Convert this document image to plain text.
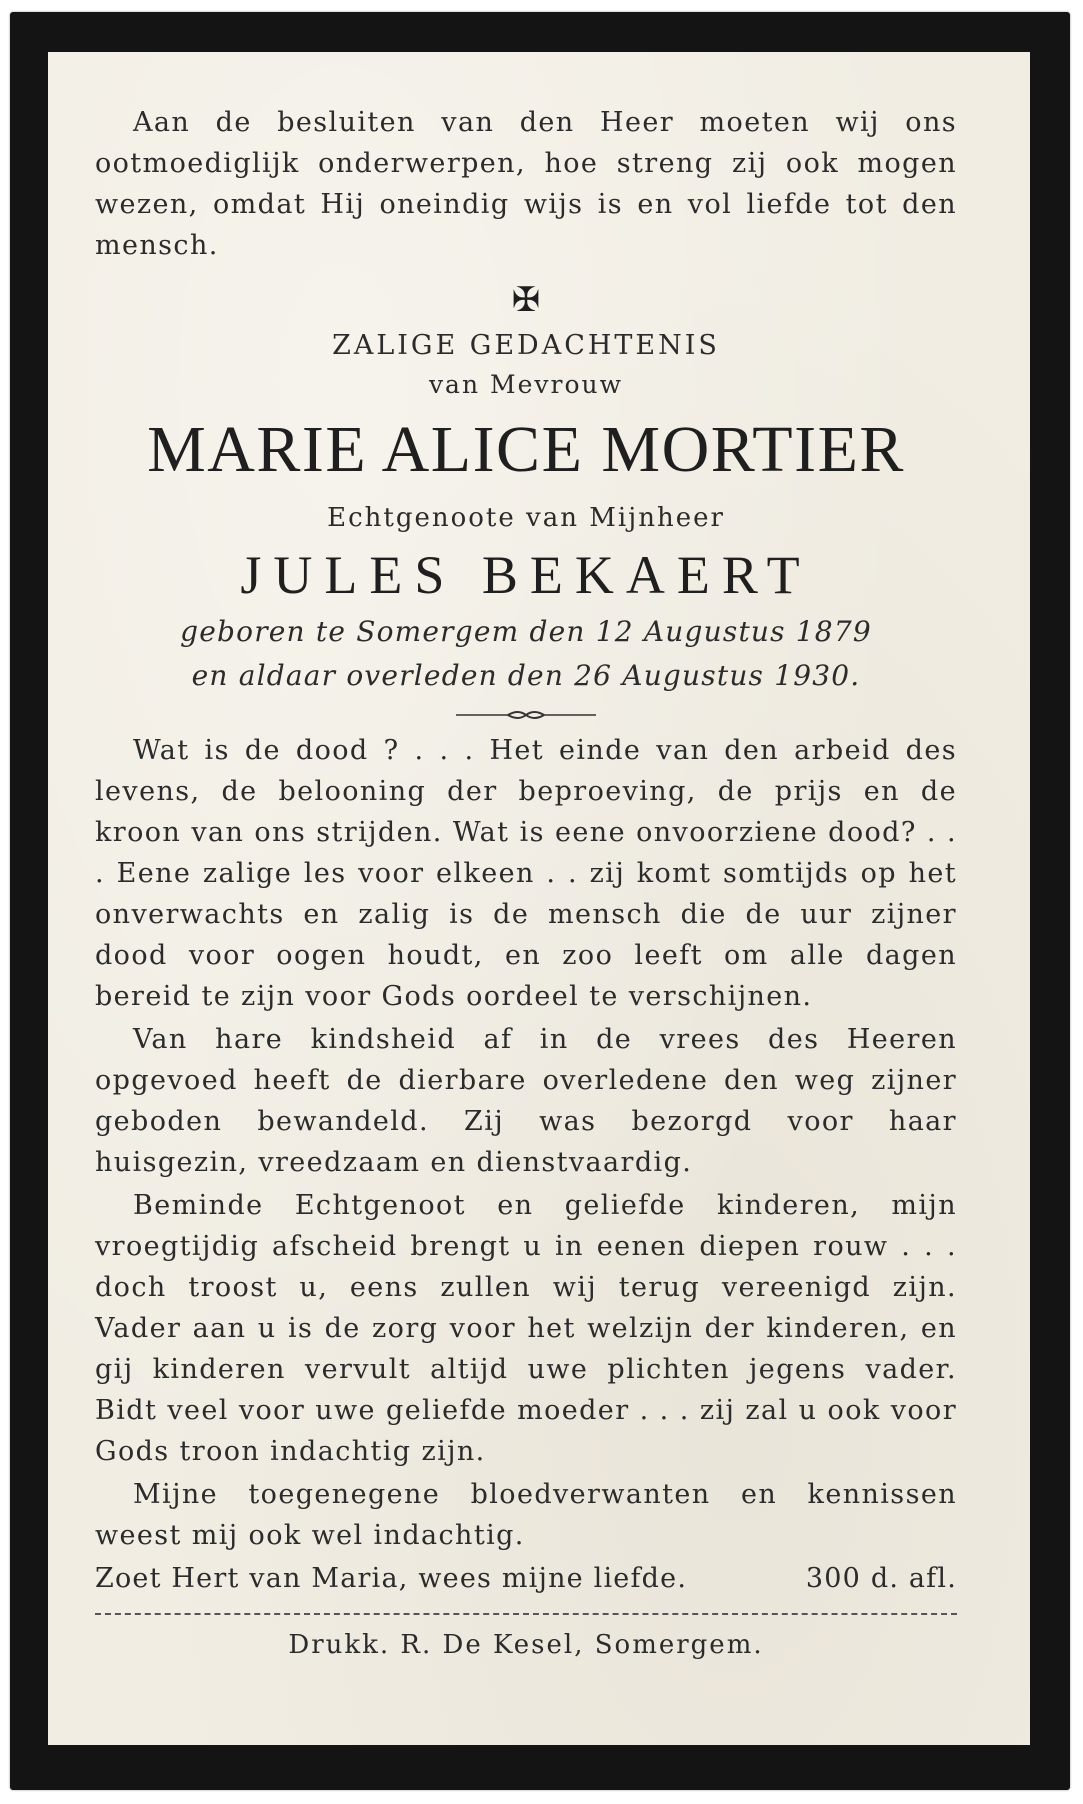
Aan de besluiten van den Heer moeten wij ons ootmoediglijk onderwerpen, hoe streng zij ook mogen wezen, omdat Hij oneindig wijs is en vol liefde tot den mensch.

✠
ZALIGE GEDACHTENIS
van Mevrouw
MARIE ALICE MORTIER
Echtgenoote van Mijnheer
JULES BEKAERT
geboren te Somergem den 12 Augustus 1879
en aldaar overleden den 26 Augustus 1930.

Wat is de dood ? . . . Het einde van den arbeid des levens, de belooning der beproeving, de prijs en de kroon van ons strijden. Wat is eene onvoorziene dood? . . . Eene zalige les voor elkeen . . zij komt somtijds op het onverwachts en zalig is de mensch die de uur zijner dood voor oogen houdt, en zoo leeft om alle dagen bereid te zijn voor Gods oordeel te verschijnen.

Van hare kindsheid af in de vrees des Heeren opgevoed heeft de dierbare overledene den weg zijner geboden bewandeld. Zij was bezorgd voor haar huisgezin, vreedzaam en dienstvaardig.

Beminde Echtgenoot en geliefde kinderen, mijn vroegtijdig afscheid brengt u in eenen diepen rouw . . . doch troost u, eens zullen wij terug vereenigd zijn. Vader aan u is de zorg voor het welzijn der kinderen, en gij kinderen vervult altijd uwe plichten jegens vader. Bidt veel voor uwe geliefde moeder . . . zij zal u ook voor Gods troon indachtig zijn.

Mijne toegenegene bloedverwanten en kennissen weest mij ook wel indachtig.

Zoet Hert van Maria, wees mijne liefde.	300 d. afl.
Drukk. R. De Kesel, Somergem.
